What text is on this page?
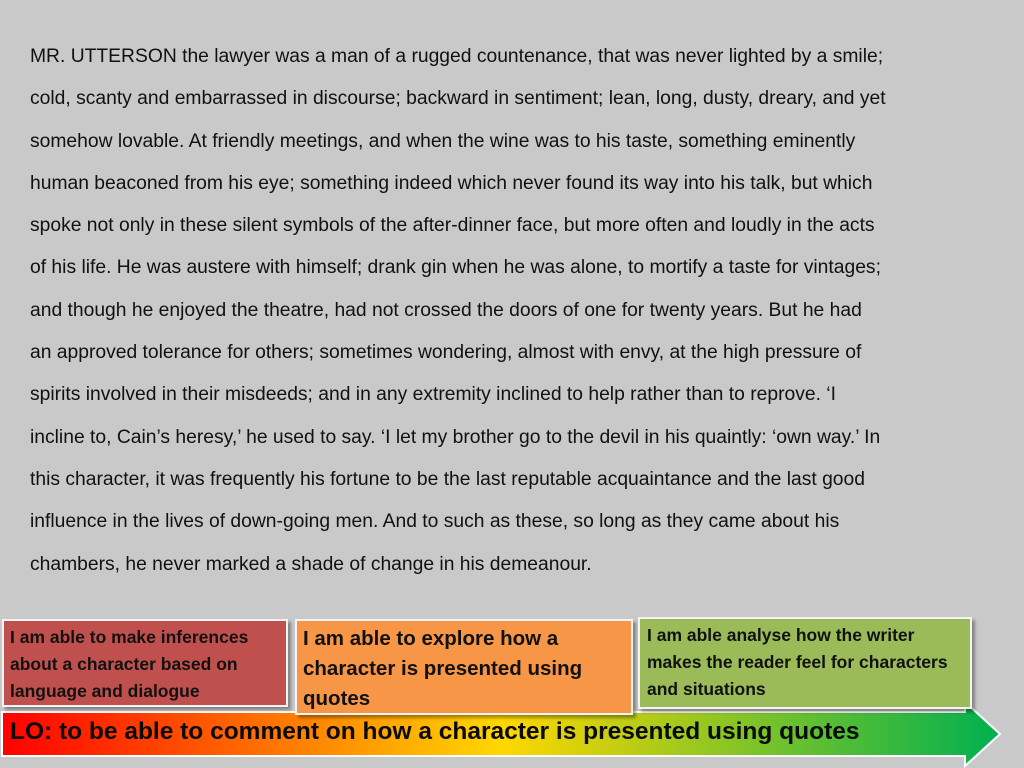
MR. UTTERSON the lawyer was a man of a rugged countenance, that was never lighted by a smile;
cold, scanty and embarrassed in discourse; backward in sentiment; lean, long, dusty, dreary, and yet
somehow lovable. At friendly meetings, and when the wine was to his taste, something eminently
human beaconed from his eye; something indeed which never found its way into his talk, but which
spoke not only in these silent symbols of the after-dinner face, but more often and loudly in the acts
of his life. He was austere with himself; drank gin when he was alone, to mortify a taste for vintages;
and though he enjoyed the theatre, had not crossed the doors of one for twenty years. But he had
an approved tolerance for others; sometimes wondering, almost with envy, at the high pressure of
spirits involved in their misdeeds; and in any extremity inclined to help rather than to reprove. ‘I
incline to, Cain’s heresy,’ he used to say. ‘I let my brother go to the devil in his quaintly: ‘own way.’ In
this character, it was frequently his fortune to be the last reputable acquaintance and the last good
influence in the lives of down-going men. And to such as these, so long as they came about his
chambers, he never marked a shade of change in his demeanour.
LO: to be able to comment on how a character is presented using quotes
I am able to make inferences about a character based on language and dialogue
I am able to explore how a character is presented using quotes
I am able analyse how the writer makes the reader feel for characters and situations
